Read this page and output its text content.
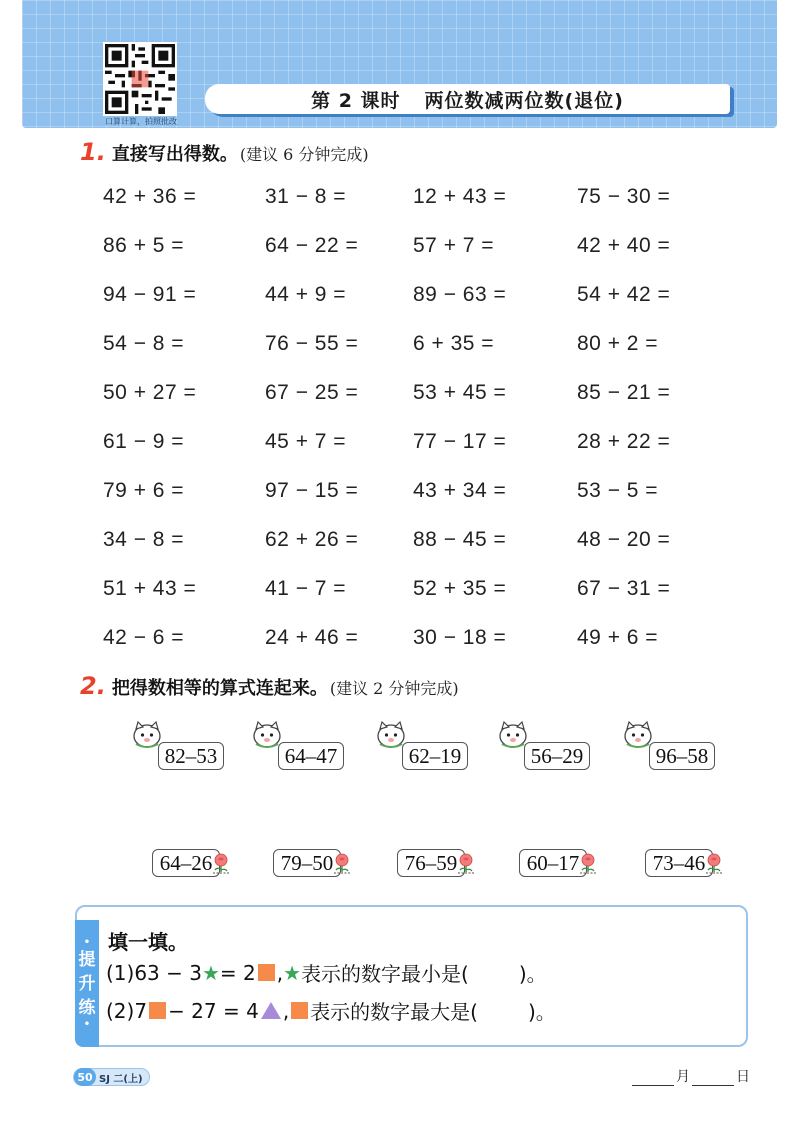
口算计算，拍照批改
第 2 课时 两位数减两位数(退位)
1. 直接写出得数。 (建议 6 分钟完成)
42 + 36 =	31 − 8 =	12 + 43 =	75 − 30 =
86 + 5 =	64 − 22 =	57 + 7 =	42 + 40 =
94 − 91 =	44 + 9 =	89 − 63 =	54 + 42 =
54 − 8 =	76 − 55 =	6 + 35 =	80 + 2 =
50 + 27 =	67 − 25 =	53 + 45 =	85 − 21 =
61 − 9 =	45 + 7 =	77 − 17 =	28 + 22 =
79 + 6 =	97 − 15 =	43 + 34 =	53 − 5 =
34 − 8 =	62 + 26 =	88 − 45 =	48 − 20 =
51 + 43 =	41 − 7 =	52 + 35 =	67 − 31 =
42 − 6 =	24 + 46 =	30 − 18 =	49 + 6 =
2. 把得数相等的算式连起来。 (建议 2 分钟完成)
82–53	64–47	62–19	56–29	96–58
64–26	79–50	76–59	60–17	73–46
•
提
升
练
•
填一填。
(1)63 − 3 ★ = 2 , ★ 表示的数字最小是(	)。
(2)7 − 27 = 4 , 表示的数字最大是(	)。
50 SJ 二(上)	月	日
